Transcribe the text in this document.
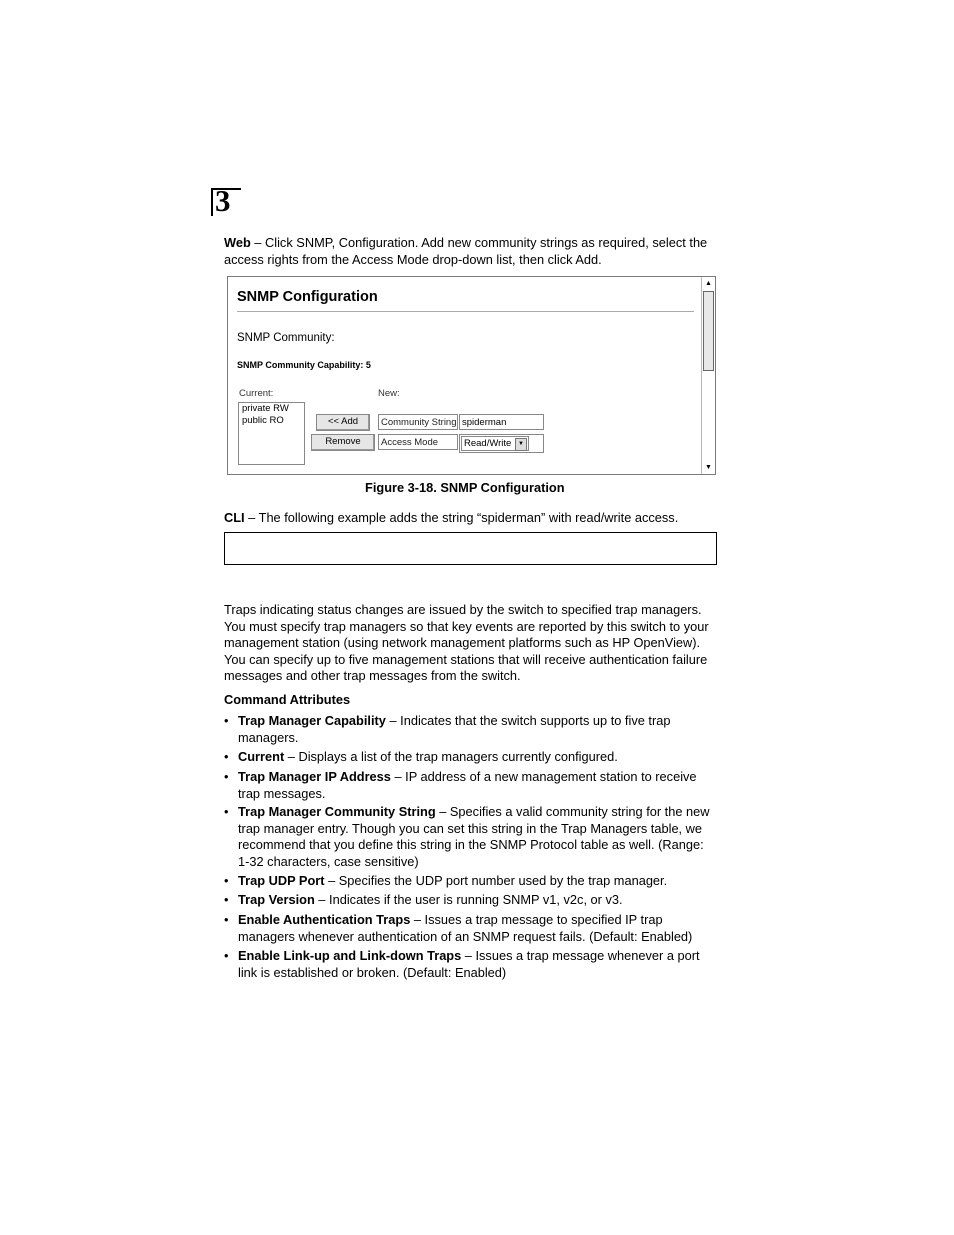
3
Web – Click SNMP, Configuration. Add new community strings as required, select the access rights from the Access Mode drop-down list, then click Add.
SNMP Configuration
SNMP Community:
SNMP Community Capability: 5
Current:	New:
private RW
public RO	<< Add
Remove
Community String spiderman
Access Mode	Read/Write	▼
▲
▼
Figure 3-18. SNMP Configuration
CLI – The following example adds the string “spiderman” with read/write access.
Traps indicating status changes are issued by the switch to specified trap managers. You must specify trap managers so that key events are reported by this switch to your management station (using network management platforms such as HP OpenView). You can specify up to five management stations that will receive authentication failure messages and other trap messages from the switch.
Command Attributes
• Trap Manager Capability – Indicates that the switch supports up to five trap managers.
• Current – Displays a list of the trap managers currently configured.
• Trap Manager IP Address – IP address of a new management station to receive trap messages.
• Trap Manager Community String – Specifies a valid community string for the new trap manager entry. Though you can set this string in the Trap Managers table, we recommend that you define this string in the SNMP Protocol table as well. (Range: 1-32 characters, case sensitive)
• Trap UDP Port – Specifies the UDP port number used by the trap manager.
• Trap Version – Indicates if the user is running SNMP v1, v2c, or v3.
• Enable Authentication Traps – Issues a trap message to specified IP trap managers whenever authentication of an SNMP request fails. (Default: Enabled)
• Enable Link-up and Link-down Traps – Issues a trap message whenever a port link is established or broken. (Default: Enabled)
